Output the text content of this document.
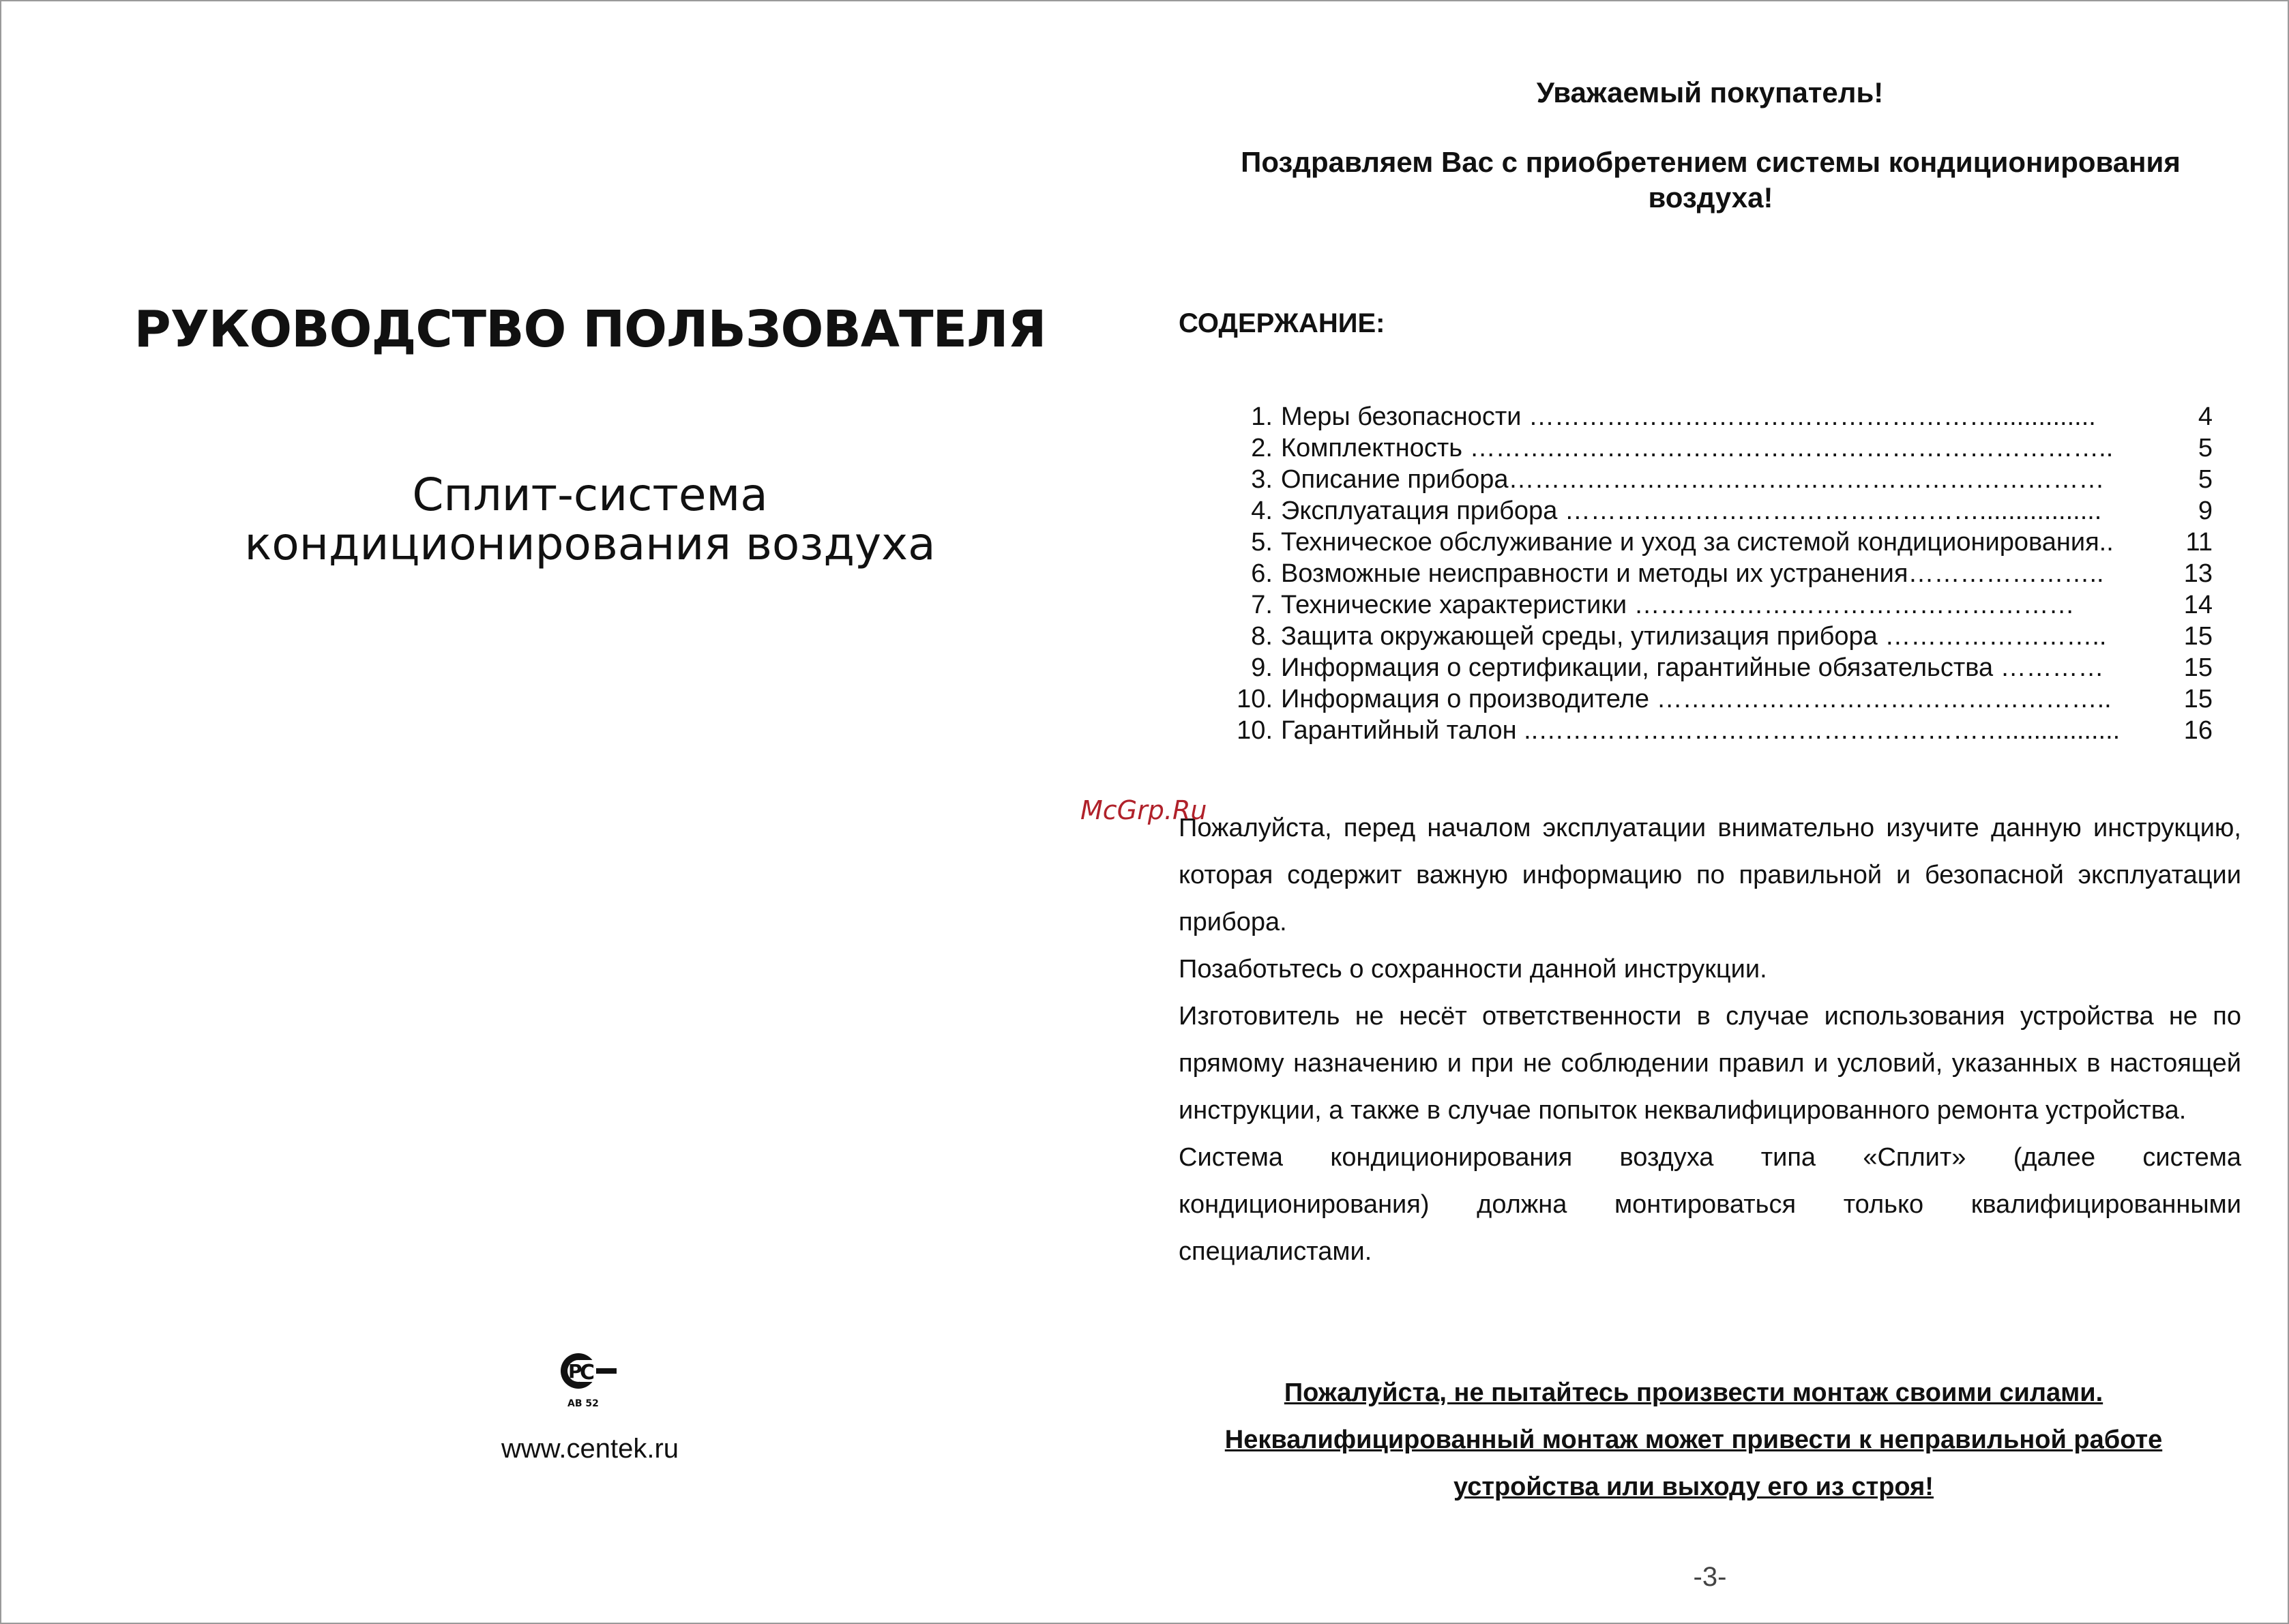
РУКОВОДСТВО ПОЛЬЗОВАТЕЛЯ
Сплит-система
кондиционирования воздуха
Р
С
АВ 52
www.centek.ru
Уважаемый покупатель!
Поздравляем Вас с приобретением системы кондиционирования
воздуха!
СОДЕРЖАНИЕ:
1. Меры безопасности ………………………………………………..............	4
2. Комплектность ……….………………………………………………………..	5
3. Описание прибора……………………………………………………………	5
4. Эксплуатация прибора ………………………………………….................	9
5. Техническое обслуживание и уход за системой кондиционирования..	11
6. Возможные неисправности и методы их устранения…………………..	13
7. Технические характеристики ……………………………………………	14
8. Защита окружающей среды, утилизация прибора ……………………..	15
9. Информация о сертификации, гарантийные обязательства …………	15
10. Информация о производителе ……………………………………………..	15
10. Гарантийный талон ..………………………………………………................	16

Пожалуйста, перед началом эксплуатации внимательно изучите данную инструкцию, которая содержит важную информацию по правильной и безопасной эксплуатации прибора.

Позаботьтесь о сохранности данной инструкции.

Изготовитель не несёт ответственности в случае использования устройства не по прямому назначению и при не соблюдении правил и условий, указанных в настоящей инструкции, а также в случае попыток неквалифицированного ремонта устройства.

Система кондиционирования воздуха типа «Сплит» (далее система кондиционирования) должна монтироваться только квалифицированными специалистами.

Пожалуйста, не пытайтесь произвести монтаж своими силами.
Неквалифицированный монтаж может привести к неправильной работе
устройства или выходу его из строя!
-3-
McGrp.Ru
